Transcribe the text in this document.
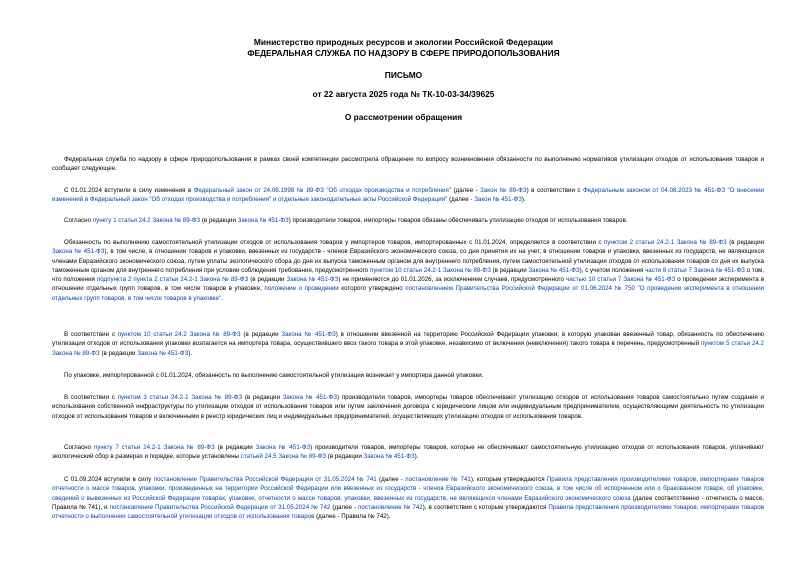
Министерство природных ресурсов и экологии Российской Федерации
ФЕДЕРАЛЬНАЯ СЛУЖБА ПО НАДЗОРУ В СФЕРЕ ПРИРОДОПОЛЬЗОВАНИЯ
ПИСЬМО
от 22 августа 2025 года № ТК-10-03-34/39625
О рассмотрении обращения
Федеральная служба по надзору в сфере природопользования в рамках своей компетенции рассмотрела обращение по вопросу возникновения обязанности по выполнению нормативов утилизации отходов от использования товаров и сообщает следующее.
С 01.01.2024 вступили в силу изменения в Федеральный закон от 24.06.1998 № 89-ФЗ "Об отходах производства и потребления" (далее - Закон № 89-ФЗ) в соответствии с Федеральным законом от 04.08.2023 № 451-ФЗ "О внесении изменений в Федеральный закон "Об отходах производства и потребления" и отдельные законодательные акты Российской Федерации" (далее - Закон № 451-ФЗ).
Согласно пункту 1 статьи 24.2 Закона № 89-ФЗ (в редакции Закона № 451-ФЗ) производители товаров, импортеры товаров обязаны обеспечивать утилизацию отходов от использования товаров.
Обязанность по выполнению самостоятельной утилизации отходов от использования товаров у импортеров товаров, импортированных с 01.01.2024, определяется в соответствии с пунктом 2 статьи 24.2-1 Закона № 89-ФЗ (в редакции Закона № 451-ФЗ), в том числе, в отношении товаров и упаковки, ввезенных из государств - членов Евразийского экономического союза, со дня принятия их на учет, в отношении товаров и упаковки, ввезенных из государств, не являющихся членами Евразийского экономического союза, путем уплаты экологического сбора до дня их выпуска таможенным органом для внутреннего потребления, путем самостоятельной утилизации отходов от использования товаров со дня их выпуска таможенным органом для внутреннего потребления при условии соблюдения требования, предусмотренного пунктом 10 статьи 24.2-1 Закона № 89-ФЗ (в редакции Закона № 451-ФЗ), с учетом положения части 8 статьи 7 Закона № 451-ФЗ о том, что положения подпункта 2 пункта 2 статьи 24.2-1 Закона № 89-ФЗ (в редакции Закона № 451-ФЗ) не применяются до 01.01.2026, за исключением случаев, предусмотренного частью 10 статьи 7 Закона № 451-ФЗ о проведении эксперимента в отношении отдельных групп товаров, в том числе товаров в упаковке, положение о проведении которого утверждено постановлением Правительства Российской Федерации от 01.06.2024 № 750 "О проведении эксперимента в отношении отдельных групп товаров, в том числе товаров в упаковке".
В соответствии с пунктом 10 статьи 24.2 Закона № 89-ФЗ (в редакции Закона № 451-ФЗ) в отношении ввезенной на территорию Российской Федерации упаковки, в которую упакован ввезенный товар, обязанность по обеспечению утилизации отходов от использования упаковки возлагается на импортера товара, осуществившего ввоз такого товара в этой упаковке, независимо от включения (невключения) такого товара в перечень, предусмотренный пунктом 5 статьи 24.2 Закона № 89-ФЗ (в редакции Закона № 451-ФЗ).
По упаковке, импортированной с 01.01.2024, обязанность по выполнению самостоятельной утилизации возникает у импортера данной упаковки.
В соответствии с пунктом 3 статьи 24.2-1 Закона № 89-ФЗ (в редакции Закона № 451-ФЗ) производители товаров, импортеры товаров обеспечивают утилизацию отходов от использования товаров самостоятельно путем создания и использования собственной инфраструктуры по утилизации отходов от использования товаров или путем заключения договора с юридическим лицом или индивидуальным предпринимателем, осуществляющими деятельность по утилизации отходов от использования товаров и включенными в реестр юридических лиц и индивидуальных предпринимателей, осуществляющих утилизацию отходов от использования товаров.
Согласно пункту 7 статьи 24.2-1 Закона № 89-ФЗ (в редакции Закона № 451-ФЗ) производители товаров, импортеры товаров, которые не обеспечивают самостоятельную утилизацию отходов от использования товаров, уплачивают экологический сбор в размерах и порядке, которые установлены статьей 24.5 Закона № 89-ФЗ (в редакции Закона № 451-ФЗ).
С 01.09.2024 вступили в силу постановление Правительства Российской Федерации от 31.05.2024 № 741 (далее - постановление № 741), которым утверждаются Правила представления производителями товаров, импортерами товаров отчетности о массе товаров, упаковки, произведенных на территории Российской Федерации или ввезенных из государств - членов Евразийского экономического союза, в том числе об испорченном или о бракованном товаре, об упаковке, сведений о вывезенных из Российской Федерации товарах, упаковке, отчетности о массе товаров, упаковки, ввезенных из государств, не являющихся членами Евразийского экономического союза (далее соответственно - отчетность о массе, Правила № 741), и постановление Правительства Российской Федерации от 31.05.2024 № 742 (далее - постановление № 742), в соответствии с которым утверждаются Правила представления производителями товаров, импортерами товаров отчетности о выполнении самостоятельной утилизации отходов от использования товаров (далее - Правила № 742).
